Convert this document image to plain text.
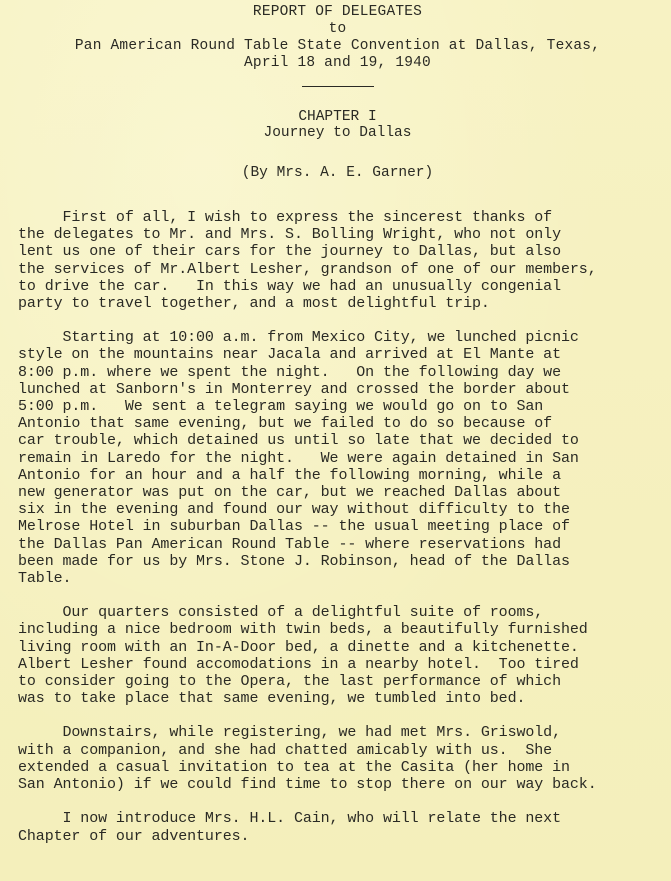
REPORT OF DELEGATES
to
Pan American Round Table State Convention at Dallas, Texas,
April 18 and 19, 1940
CHAPTER I
Journey to Dallas
(By Mrs. A. E. Garner)
First of all, I wish to express the sincerest thanks of
the delegates to Mr. and Mrs. S. Bolling Wright, who not only
lent us one of their cars for the journey to Dallas, but also
the services of Mr.Albert Lesher, grandson of one of our members,
to drive the car.   In this way we had an unusually congenial
party to travel together, and a most delightful trip.
Starting at 10:00 a.m. from Mexico City, we lunched picnic
style on the mountains near Jacala and arrived at El Mante at
8:00 p.m. where we spent the night.   On the following day we
lunched at Sanborn's in Monterrey and crossed the border about
5:00 p.m.   We sent a telegram saying we would go on to San
Antonio that same evening, but we failed to do so because of
car trouble, which detained us until so late that we decided to
remain in Laredo for the night.   We were again detained in San
Antonio for an hour and a half the following morning, while a
new generator was put on the car, but we reached Dallas about
six in the evening and found our way without difficulty to the
Melrose Hotel in suburban Dallas -- the usual meeting place of
the Dallas Pan American Round Table -- where reservations had
been made for us by Mrs. Stone J. Robinson, head of the Dallas
Table.
Our quarters consisted of a delightful suite of rooms,
including a nice bedroom with twin beds, a beautifully furnished
living room with an In-A-Door bed, a dinette and a kitchenette.
Albert Lesher found accomodations in a nearby hotel.  Too tired
to consider going to the Opera, the last performance of which
was to take place that same evening, we tumbled into bed.
Downstairs, while registering, we had met Mrs. Griswold,
with a companion, and she had chatted amicably with us.  She
extended a casual invitation to tea at the Casita (her home in
San Antonio) if we could find time to stop there on our way back.
I now introduce Mrs. H.L. Cain, who will relate the next
Chapter of our adventures.
